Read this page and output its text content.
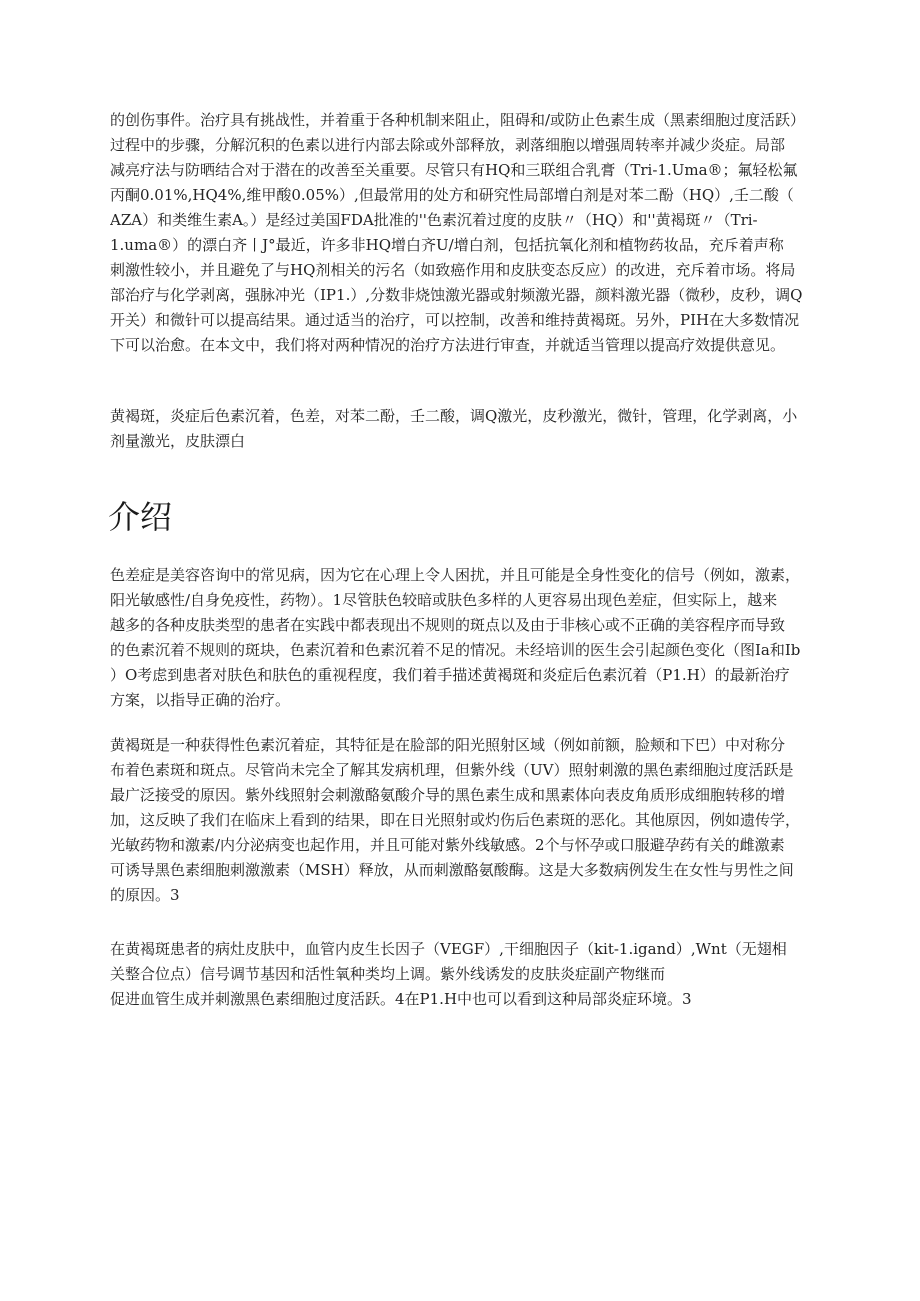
的创伤事件。治疗具有挑战性，并着重于各种机制来阻止，阻碍和/或防止色素生成（黑素细胞过度活跃）
过程中的步骤，分解沉积的色素以进行内部去除或外部释放，剥落细胞以增强周转率并减少炎症。局部
减亮疗法与防晒结合对于潜在的改善至关重要。尽管只有HQ和三联组合乳膏（Tri-1.Uma®；氟轻松氟
丙酮0.01%,HQ4%,维甲酸0.05%）,但最常用的处方和研究性局部增白剂是对苯二酚（HQ）,壬二酸（
AZA）和类维生素A。）是经过美国FDA批准的''色素沉着过度的皮肤〃（HQ）和''黄褐斑〃（Tri-
1.uma®）的漂白齐丨J°最近，许多非HQ增白齐U/增白剂，包括抗氧化剂和植物药妆品，充斥着声称
刺激性较小，并且避免了与HQ剂相关的污名（如致癌作用和皮肤变态反应）的改进，充斥着市场。将局
部治疗与化学剥离，强脉冲光（IP1.）,分数非烧蚀激光器或射频激光器，颜料激光器（微秒，皮秒，调Q
开关）和微针可以提高结果。通过适当的治疗，可以控制，改善和维持黄褐斑。另外，PIH在大多数情况
下可以治愈。在本文中，我们将对两种情况的治疗方法进行审查，并就适当管理以提高疗效提供意见。
黄褐斑，炎症后色素沉着，色差，对苯二酚，壬二酸，调Q激光，皮秒激光，微针，管理，化学剥离，小
剂量激光，皮肤漂白
介绍
色差症是美容咨询中的常见病，因为它在心理上令人困扰，并且可能是全身性变化的信号（例如，激素，
阳光敏感性/自身免疫性，药物）。1尽管肤色较暗或肤色多样的人更容易出现色差症，但实际上，越来
越多的各种皮肤类型的患者在实践中都表现出不规则的斑点以及由于非核心或不正确的美容程序而导致
的色素沉着不规则的斑块，色素沉着和色素沉着不足的情况。未经培训的医生会引起颜色变化（图Ia和Ib
）O考虑到患者对肤色和肤色的重视程度，我们着手描述黄褐斑和炎症后色素沉着（P1.H）的最新治疗
方案，以指导正确的治疗。
黄褐斑是一种获得性色素沉着症，其特征是在脸部的阳光照射区域（例如前额，脸颊和下巴）中对称分
布着色素斑和斑点。尽管尚未完全了解其发病机理，但紫外线（UV）照射刺激的黑色素细胞过度活跃是
最广泛接受的原因。紫外线照射会刺激酪氨酸介导的黑色素生成和黑素体向表皮角质形成细胞转移的增
加，这反映了我们在临床上看到的结果，即在日光照射或灼伤后色素斑的恶化。其他原因，例如遗传学，
光敏药物和激素/内分泌病变也起作用，并且可能对紫外线敏感。2个与怀孕或口服避孕药有关的雌激素
可诱导黑色素细胞刺激激素（MSH）释放，从而刺激酪氨酸酶。这是大多数病例发生在女性与男性之间
的原因。3
在黄褐斑患者的病灶皮肤中，血管内皮生长因子（VEGF）,干细胞因子（kit-1.igand）,Wnt（无翅相
关整合位点）信号调节基因和活性氧种类均上调。紫外线诱发的皮肤炎症副产物继而
促进血管生成并刺激黑色素细胞过度活跃。4在P1.H中也可以看到这种局部炎症环境。3
